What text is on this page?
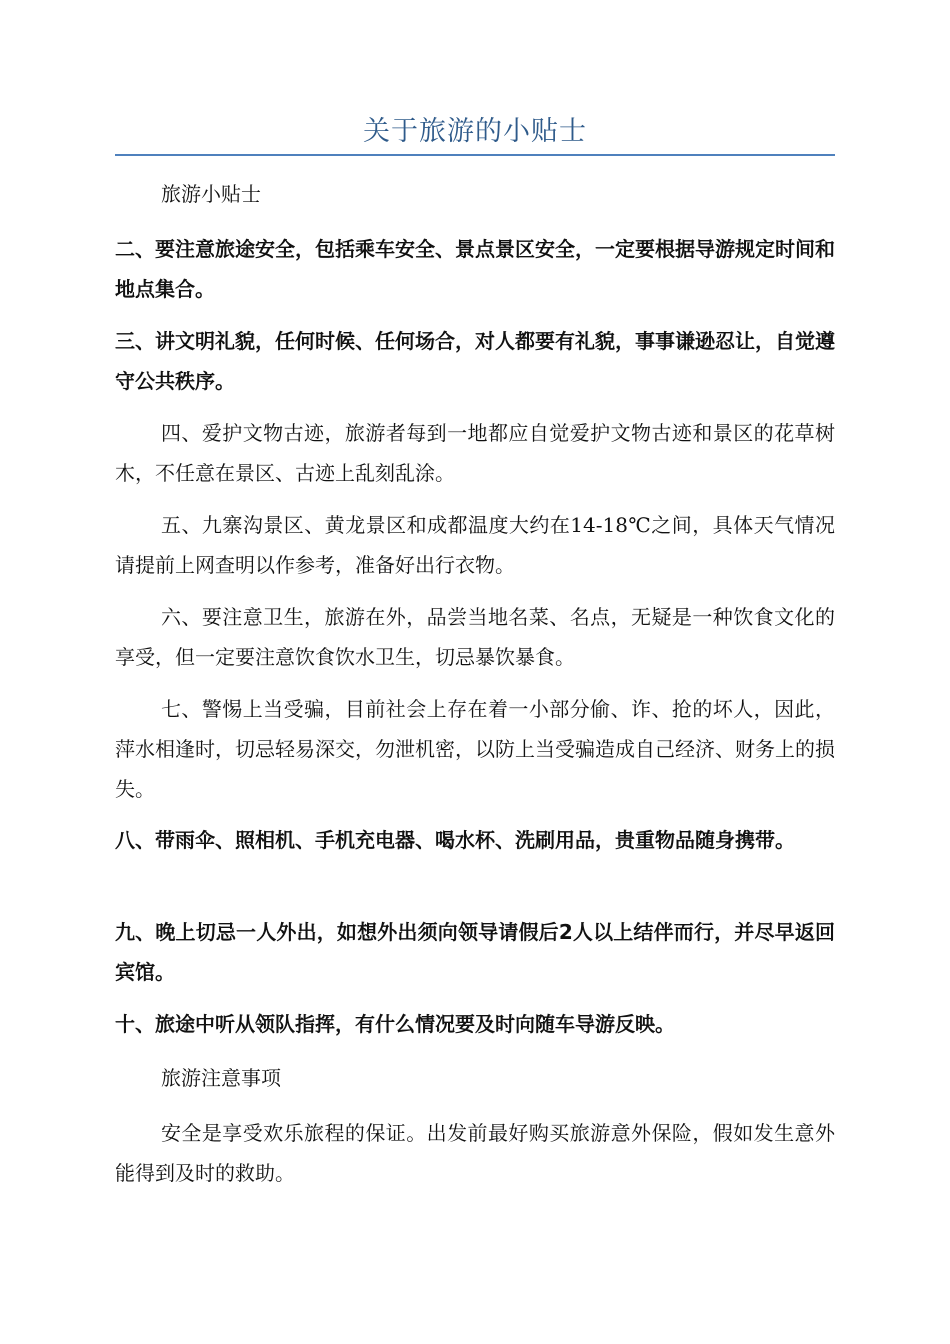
关于旅游的小贴士

旅游小贴士

二、要注意旅途安全，包括乘车安全、景点景区安全，一定要根据导游规定时间和地点集合。

三、讲文明礼貌，任何时候、任何场合，对人都要有礼貌，事事谦逊忍让，自觉遵守公共秩序。

四、爱护文物古迹，旅游者每到一地都应自觉爱护文物古迹和景区的花草树木，不任意在景区、古迹上乱刻乱涂。

五、九寨沟景区、黄龙景区和成都温度大约在14-18℃之间，具体天气情况请提前上网查明以作参考，准备好出行衣物。

六、要注意卫生，旅游在外，品尝当地名菜、名点，无疑是一种饮食文化的享受，但一定要注意饮食饮水卫生，切忌暴饮暴食。

七、警惕上当受骗，目前社会上存在着一小部分偷、诈、抢的坏人，因此，萍水相逢时，切忌轻易深交，勿泄机密，以防上当受骗造成自己经济、财务上的损失。

八、带雨伞、照相机、手机充电器、喝水杯、洗刷用品，贵重物品随身携带。

九、晚上切忌一人外出，如想外出须向领导请假后2人以上结伴而行，并尽早返回宾馆。

十、旅途中听从领队指挥，有什么情况要及时向随车导游反映。

旅游注意事项

安全是享受欢乐旅程的保证。出发前最好购买旅游意外保险，假如发生意外能得到及时的救助。
